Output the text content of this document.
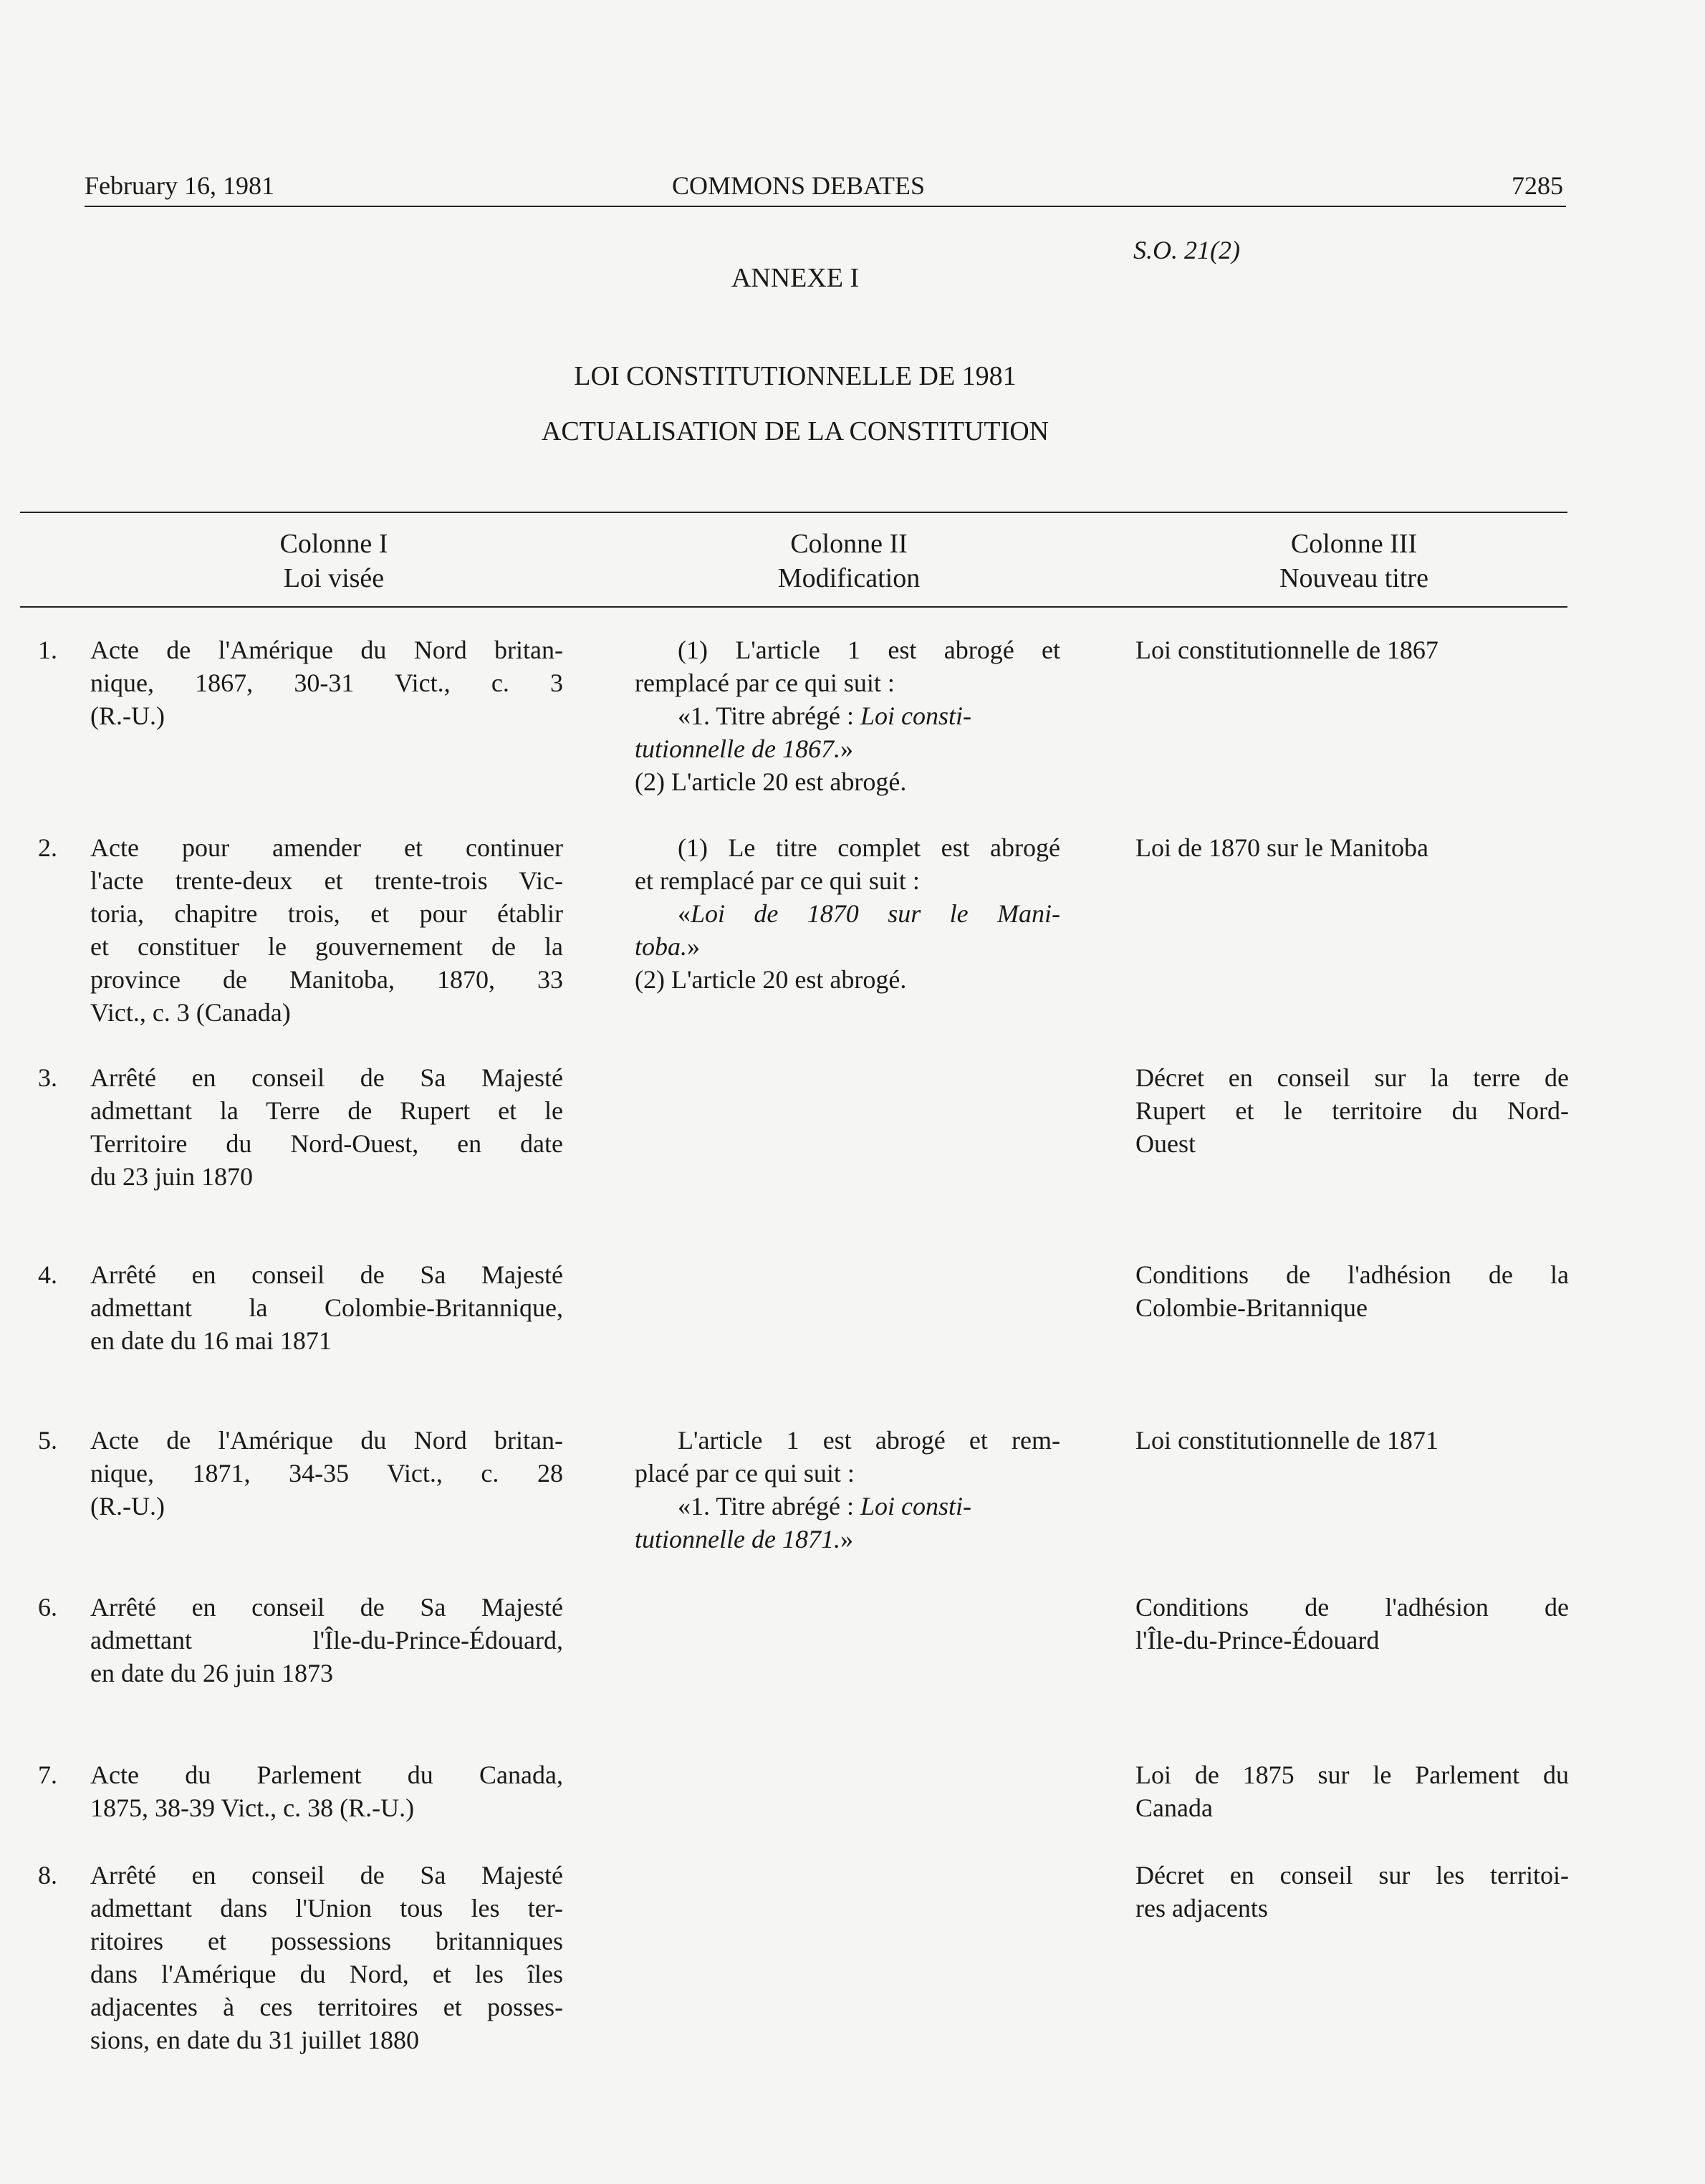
February 16, 1981	COMMONS DEBATES	7285
S.O. 21(2)
ANNEXE I
LOI CONSTITUTIONNELLE DE 1981
ACTUALISATION DE LA CONSTITUTION
Colonne I
Loi visée
Colonne II
Modification
Colonne III
Nouveau titre
1. Acte de l'Amérique du Nord britan-
nique, 1867, 30-31 Vict., c. 3
(R.-U.)
(1) L'article 1 est abrogé et
remplacé par ce qui suit :
«1. Titre abrégé : Loi consti-
tutionnelle de 1867.»
(2) L'article 20 est abrogé.
Loi constitutionnelle de 1867
2. Acte pour amender et continuer
l'acte trente-deux et trente-trois Vic-
toria, chapitre trois, et pour établir
et constituer le gouvernement de la
province de Manitoba, 1870, 33
Vict., c. 3 (Canada)
(1) Le titre complet est abrogé
et remplacé par ce qui suit :
«Loi de 1870 sur le Mani-
toba.»
(2) L'article 20 est abrogé.
Loi de 1870 sur le Manitoba
3. Arrêté en conseil de Sa Majesté
admettant la Terre de Rupert et le
Territoire du Nord-Ouest, en date
du 23 juin 1870
Décret en conseil sur la terre de
Rupert et le territoire du Nord-
Ouest
4. Arrêté en conseil de Sa Majesté
admettant la Colombie-Britannique,
en date du 16 mai 1871
Conditions de l'adhésion de la
Colombie-Britannique
5. Acte de l'Amérique du Nord britan-
nique, 1871, 34-35 Vict., c. 28
(R.-U.)
L'article 1 est abrogé et rem-
placé par ce qui suit :
«1. Titre abrégé : Loi consti-
tutionnelle de 1871.»
Loi constitutionnelle de 1871
6. Arrêté en conseil de Sa Majesté
admettant l'Île-du-Prince-Édouard,
en date du 26 juin 1873
Conditions de l'adhésion de
l'Île-du-Prince-Édouard
7. Acte du Parlement du Canada,
1875, 38-39 Vict., c. 38 (R.-U.)
Loi de 1875 sur le Parlement du
Canada
8. Arrêté en conseil de Sa Majesté
admettant dans l'Union tous les ter-
ritoires et possessions britanniques
dans l'Amérique du Nord, et les îles
adjacentes à ces territoires et posses-
sions, en date du 31 juillet 1880
Décret en conseil sur les territoi-
res adjacents
